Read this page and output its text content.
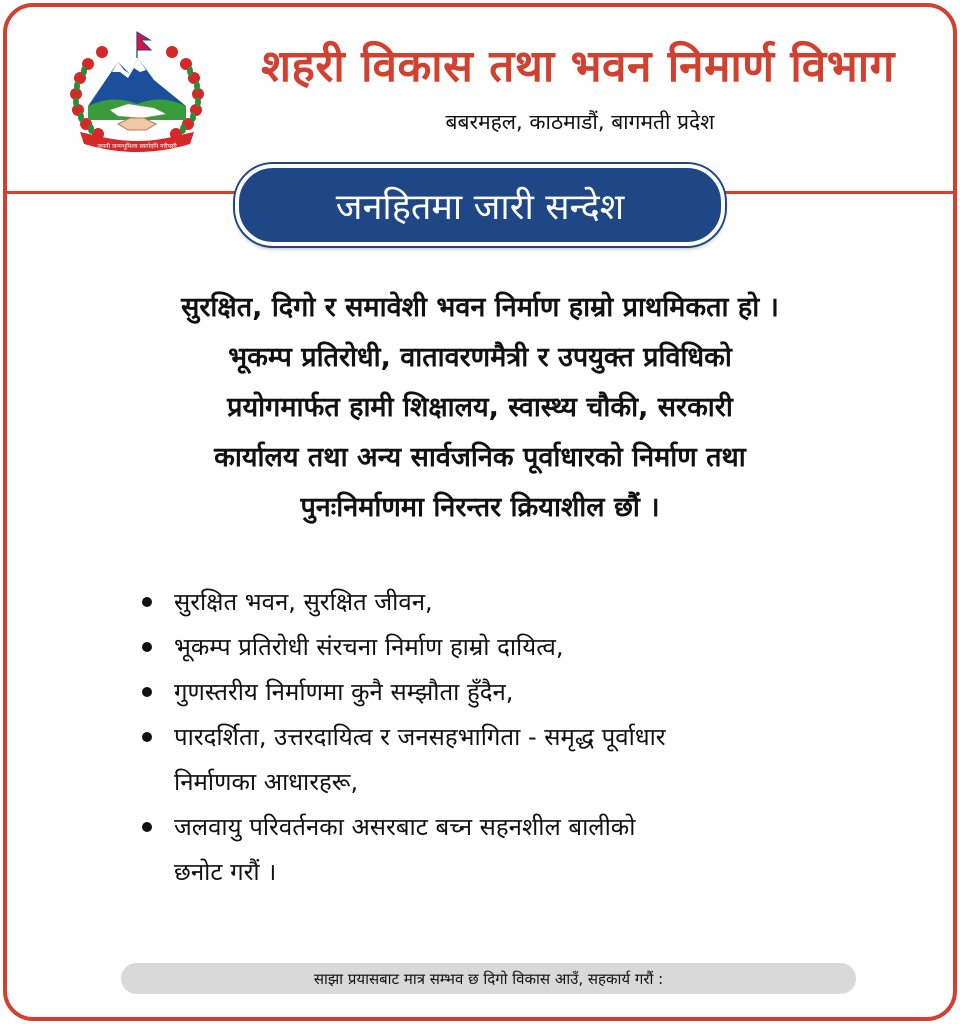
जननी जन्मभूमिश्च स्वर्गादपि गरीयसी
शहरी विकास तथा भवन निमार्ण विभाग
बबरमहल, काठमाडौं, बागमती प्रदेश
जनहितमा जारी सन्देश
सुरक्षित, दिगो र समावेशी भवन निर्माण हाम्रो प्राथमिकता हो ।
भूकम्प प्रतिरोधी, वातावरणमैत्री र उपयुक्त प्रविधिको
प्रयोगमार्फत हामी शिक्षालय, स्वास्थ्य चौकी, सरकारी
कार्यालय तथा अन्य सार्वजनिक पूर्वाधारको निर्माण तथा
पुनःनिर्माणमा निरन्तर क्रियाशील छौं ।
सुरक्षित भवन, सुरक्षित जीवन,
भूकम्प प्रतिरोधी संरचना निर्माण हाम्रो दायित्व,
गुणस्तरीय निर्माणमा कुनै सम्झौता हुँदैन,
पारदर्शिता, उत्तरदायित्व र जनसहभागिता - समृद्ध पूर्वाधार
निर्माणका आधारहरू,
जलवायु परिवर्तनका असरबाट बच्न सहनशील बालीको
छनोट गरौं ।
साझा प्रयासबाट मात्र सम्भव छ दिगो विकास आउँ, सहकार्य गरौं :
